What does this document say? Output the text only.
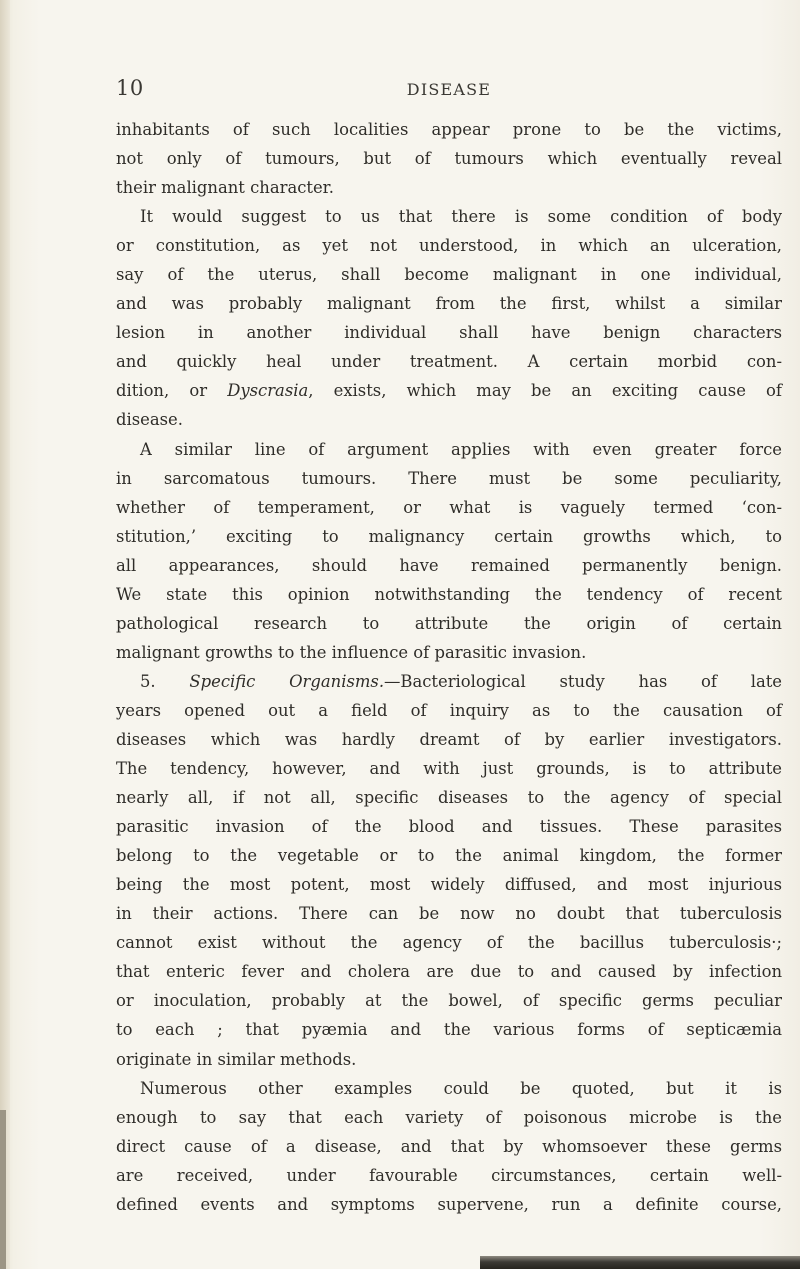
10	DISEASE

inhabitants of such localities appear prone to be the victims,

not only of tumours, but of tumours which eventually reveal

their malignant character.

It would suggest to us that there is some condition of body

or constitution, as yet not understood, in which an ulceration,

say of the uterus, shall become malignant in one individual,

and was probably malignant from the first, whilst a similar

lesion in another individual shall have benign characters

and quickly heal under treatment. A certain morbid con-

dition, or Dyscrasia, exists, which may be an exciting cause of

disease.

A similar line of argument applies with even greater force

in sarcomatous tumours. There must be some peculiarity,

whether of temperament, or what is vaguely termed ‘con-

stitution,’ exciting to malignancy certain growths which, to

all appearances, should have remained permanently benign.

We state this opinion notwithstanding the tendency of recent

pathological research to attribute the origin of certain

malignant growths to the influence of parasitic invasion.

5. Specific Organisms.—Bacteriological study has of late

years opened out a field of inquiry as to the causation of

diseases which was hardly dreamt of by earlier investigators.

The tendency, however, and with just grounds, is to attribute

nearly all, if not all, specific diseases to the agency of special

parasitic invasion of the blood and tissues. These parasites

belong to the vegetable or to the animal kingdom, the former

being the most potent, most widely diffused, and most injurious

in their actions. There can be now no doubt that tuberculosis

cannot exist without the agency of the bacillus tuberculosis·;

that enteric fever and cholera are due to and caused by infection

or inoculation, probably at the bowel, of specific germs peculiar

to each ; that pyæmia and the various forms of septicæmia

originate in similar methods.

Numerous other examples could be quoted, but it is

enough to say that each variety of poisonous microbe is the

direct cause of a disease, and that by whomsoever these germs

are received, under favourable circumstances, certain well-

defined events and symptoms supervene, run a definite course,
